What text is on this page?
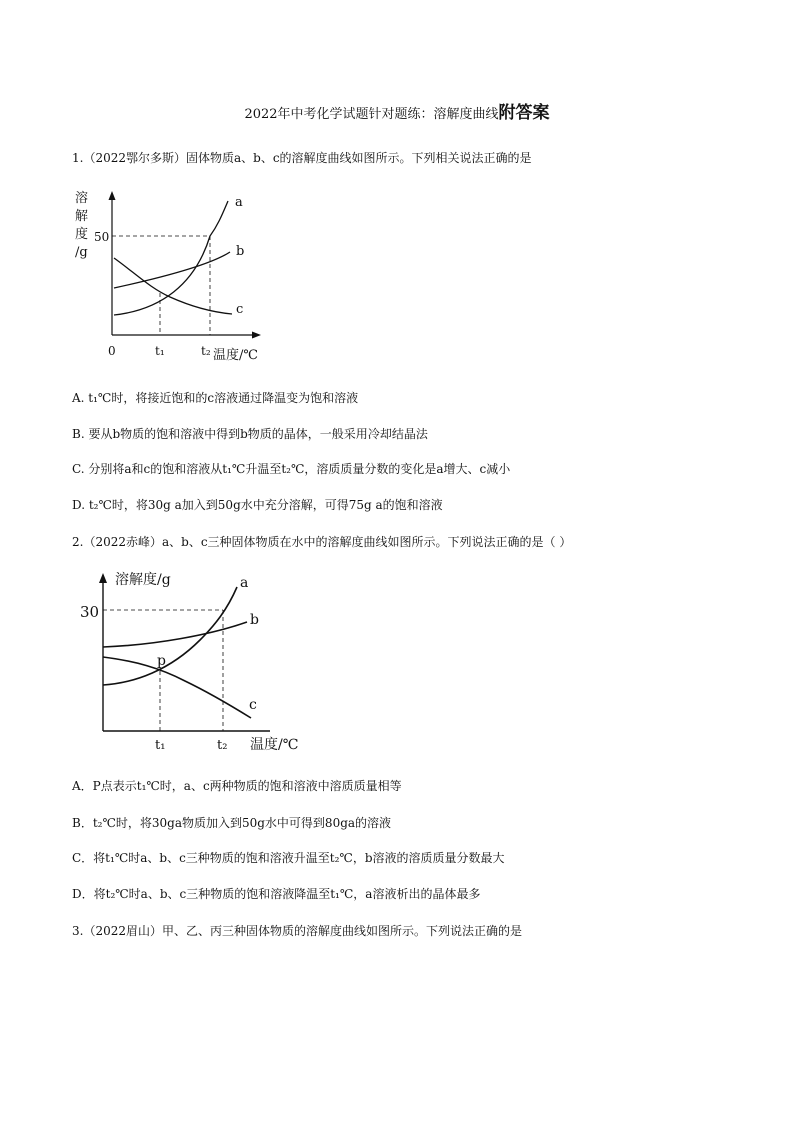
2022年中考化学试题针对题练：溶解度曲线附答案
1.（2022鄂尔多斯）固体物质a、b、c的溶解度曲线如图所示。下列相关说法正确的是
溶
解
度
/g
50
0	t₁	t₂ 温度/℃
a
b
c
A. t₁℃时，将接近饱和的c溶液通过降温变为饱和溶液
B. 要从b物质的饱和溶液中得到b物质的晶体，一般采用冷却结晶法
C. 分别将a和c的饱和溶液从t₁℃升温至t₂℃，溶质质量分数的变化是a增大、c减小
D. t₂℃时，将30g a加入到50g水中充分溶解，可得75g a的饱和溶液
2.（2022赤峰）a、b、c三种固体物质在水中的溶解度曲线如图所示。下列说法正确的是（ ）
溶解度/g
30
p
t₁	t₂ 温度/℃
a
b
c
A．P点表示t₁℃时，a、c两种物质的饱和溶液中溶质质量相等
B．t₂℃时，将30ga物质加入到50g水中可得到80ga的溶液
C．将t₁℃时a、b、c三种物质的饱和溶液升温至t₂℃，b溶液的溶质质量分数最大
D．将t₂℃时a、b、c三种物质的饱和溶液降温至t₁℃，a溶液析出的晶体最多
3.（2022眉山）甲、乙、丙三种固体物质的溶解度曲线如图所示。下列说法正确的是
